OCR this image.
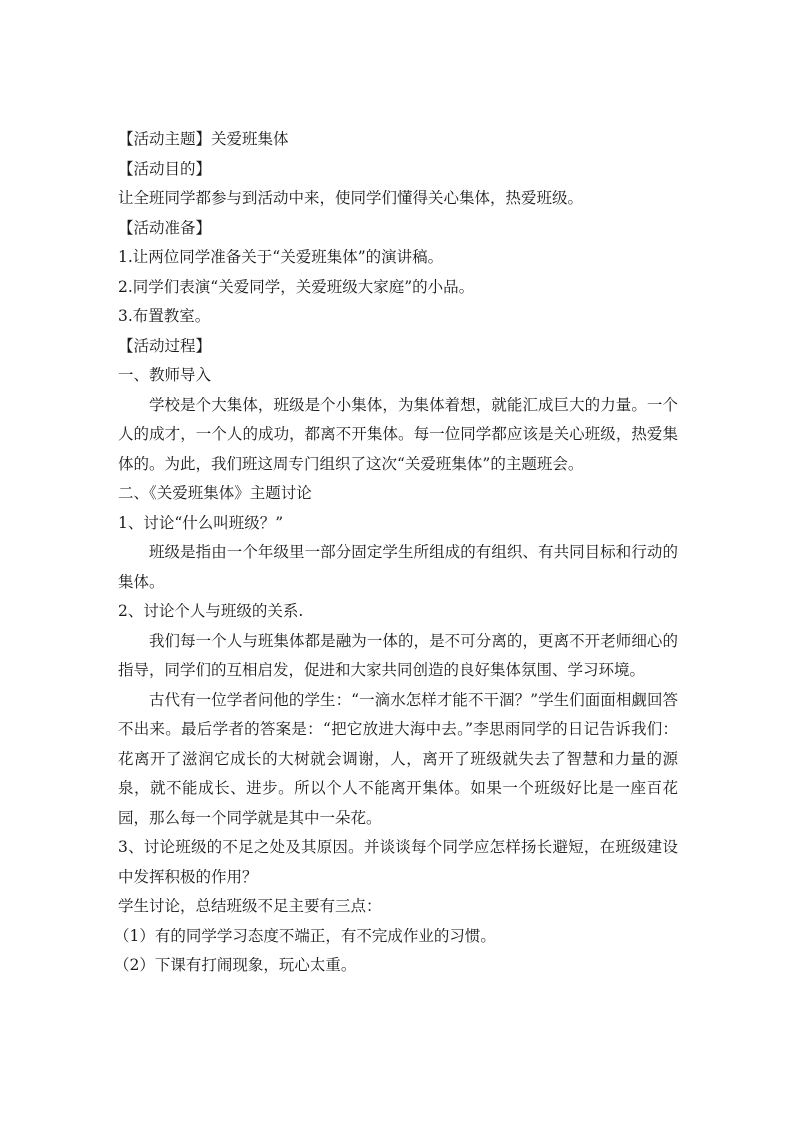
【活动主题】关爱班集体

【活动目的】

让全班同学都参与到活动中来，使同学们懂得关心集体，热爱班级。

【活动准备】

1.让两位同学准备关于“关爱班集体”的演讲稿。

2.同学们表演“关爱同学，关爱班级大家庭”的小品。

3.布置教室。

【活动过程】

一、教师导入

学校是个大集体，班级是个小集体，为集体着想，就能汇成巨大的力量。一个人的成才，一个人的成功，都离不开集体。每一位同学都应该是关心班级，热爱集体的。为此，我们班这周专门组织了这次“关爱班集体”的主题班会。

二、《关爱班集体》主题讨论

1、讨论“什么叫班级？”

班级是指由一个年级里一部分固定学生所组成的有组织、有共同目标和行动的集体。

2、讨论个人与班级的关系.

我们每一个人与班集体都是融为一体的，是不可分离的，更离不开老师细心的指导，同学们的互相启发，促进和大家共同创造的良好集体氛围、学习环境。

古代有一位学者问他的学生：“一滴水怎样才能不干涸？”学生们面面相觑回答不出来。最后学者的答案是：“把它放进大海中去。”李思雨同学的日记告诉我们：花离开了滋润它成长的大树就会调谢，人，离开了班级就失去了智慧和力量的源泉，就不能成长、进步。所以个人不能离开集体。如果一个班级好比是一座百花园，那么每一个同学就是其中一朵花。

3、讨论班级的不足之处及其原因。并谈谈每个同学应怎样扬长避短，在班级建设中发挥积极的作用？

学生讨论，总结班级不足主要有三点：

（1）有的同学学习态度不端正，有不完成作业的习惯。

（2）下课有打闹现象，玩心太重。
